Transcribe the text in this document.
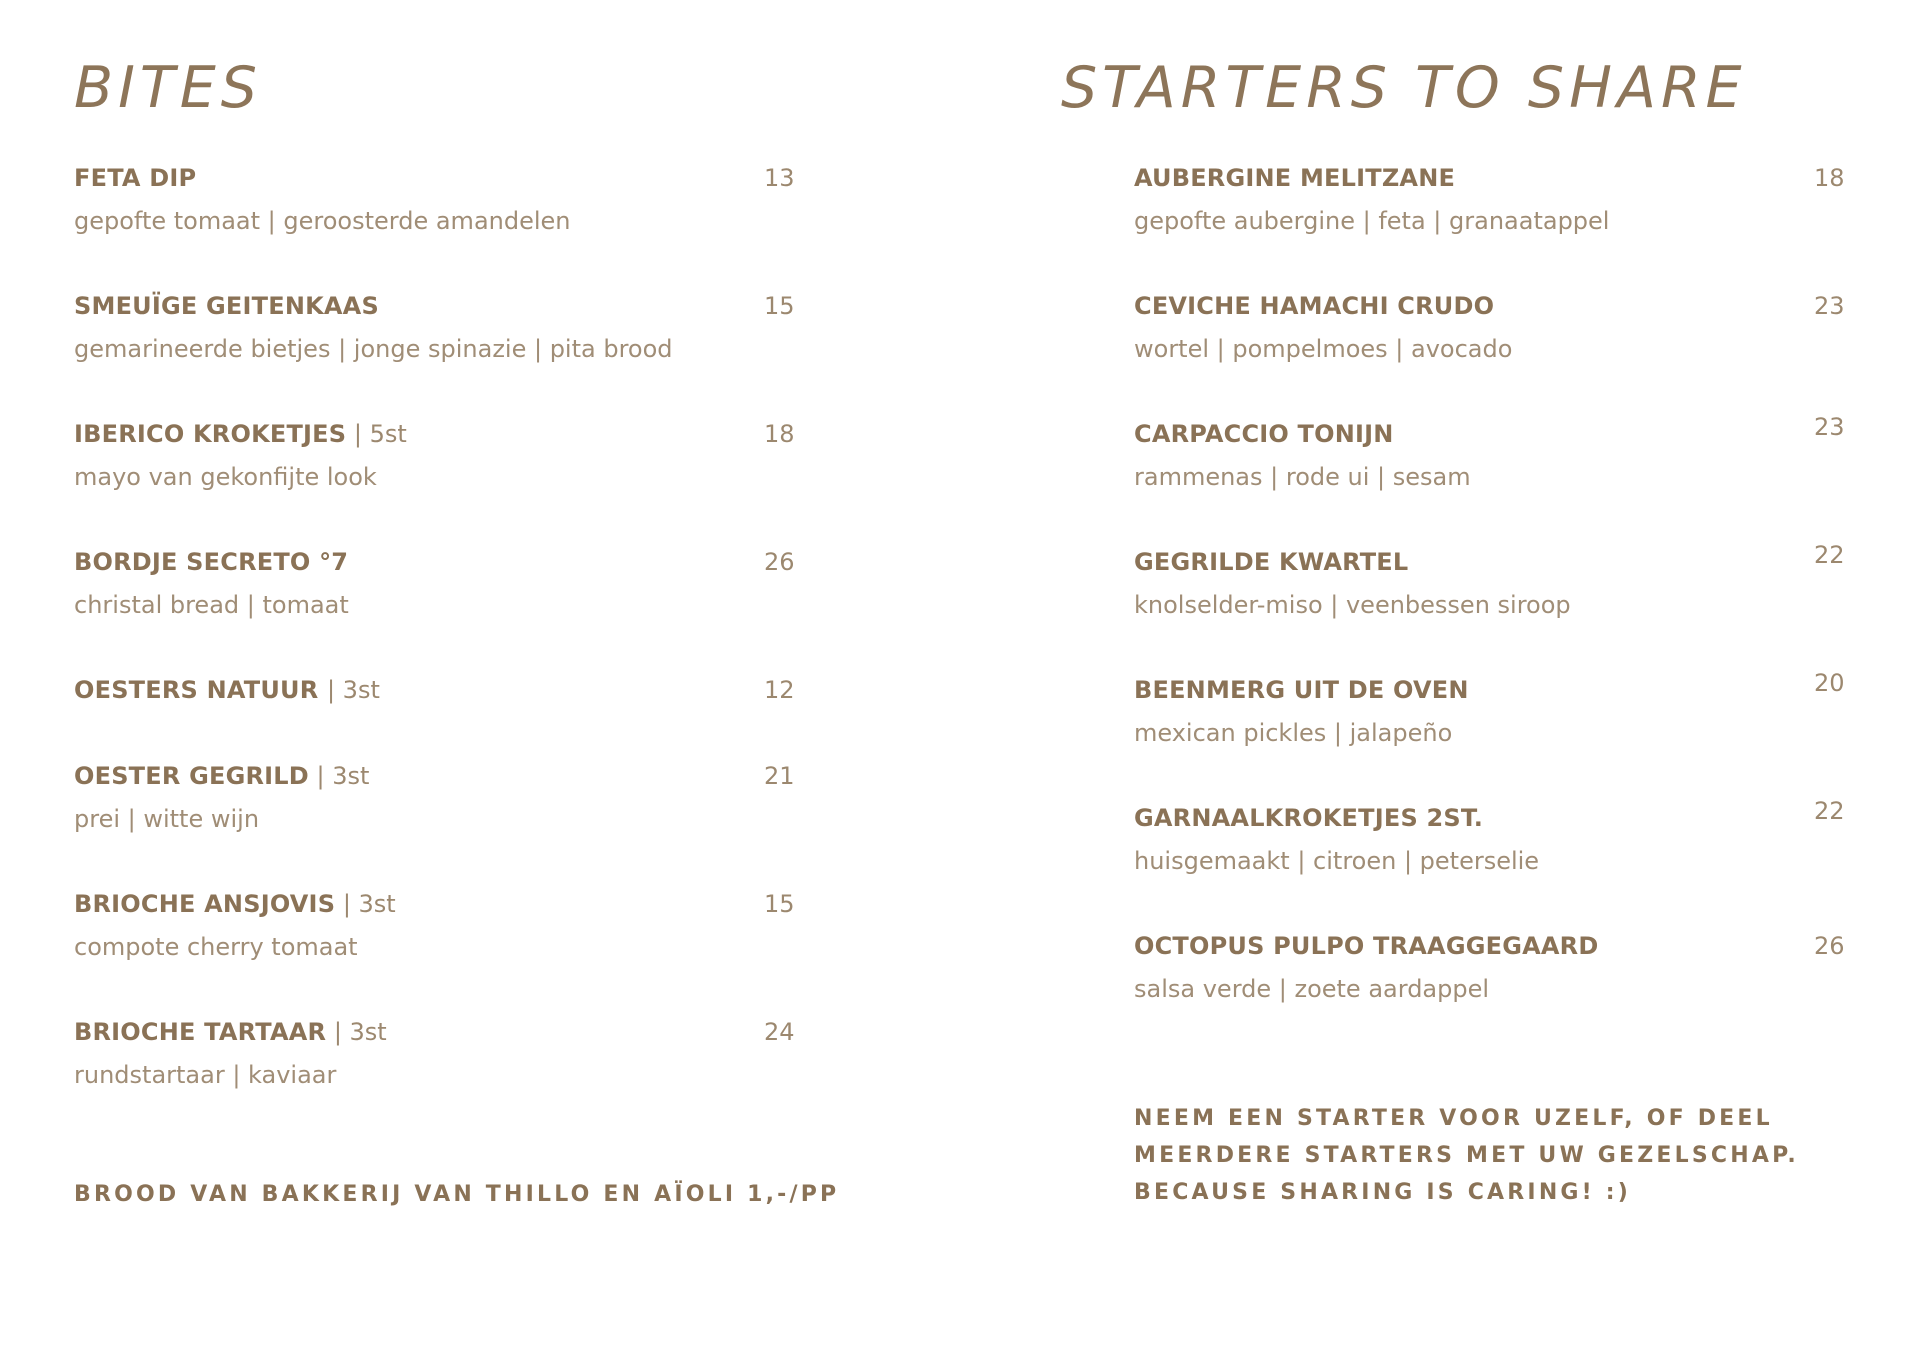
BITES	STARTERS TO SHARE
FETA DIP
gepofte tomaat | geroosterde amandelen
13
SMEUÏGE GEITENKAAS
gemarineerde bietjes | jonge spinazie | pita brood
15
IBERICO KROKETJES | 5st
mayo van gekonfijte look
18
BORDJE SECRETO °7
christal bread | tomaat
26
OESTERS NATUUR | 3st	12
OESTER GEGRILD | 3st
prei | witte wijn
21
BRIOCHE ANSJOVIS | 3st
compote cherry tomaat
15
BRIOCHE TARTAAR | 3st
rundstartaar | kaviaar
24

BROOD VAN BAKKERIJ VAN THILLO EN AÏOLI 1,-/PP

AUBERGINE MELITZANE
gepofte aubergine | feta | granaatappel
18
CEVICHE HAMACHI CRUDO
wortel | pompelmoes | avocado
23
CARPACCIO TONIJN
rammenas | rode ui | sesam
23
GEGRILDE KWARTEL
knolselder-miso | veenbessen siroop
22
BEENMERG UIT DE OVEN
mexican pickles | jalapeño
20
GARNAALKROKETJES 2ST.
huisgemaakt | citroen | peterselie
22
OCTOPUS PULPO TRAAGGEGAARD
salsa verde | zoete aardappel
26
NEEM EEN STARTER VOOR UZELF, OF DEEL
MEERDERE STARTERS MET UW GEZELSCHAP.
BECAUSE SHARING IS CARING! :)
